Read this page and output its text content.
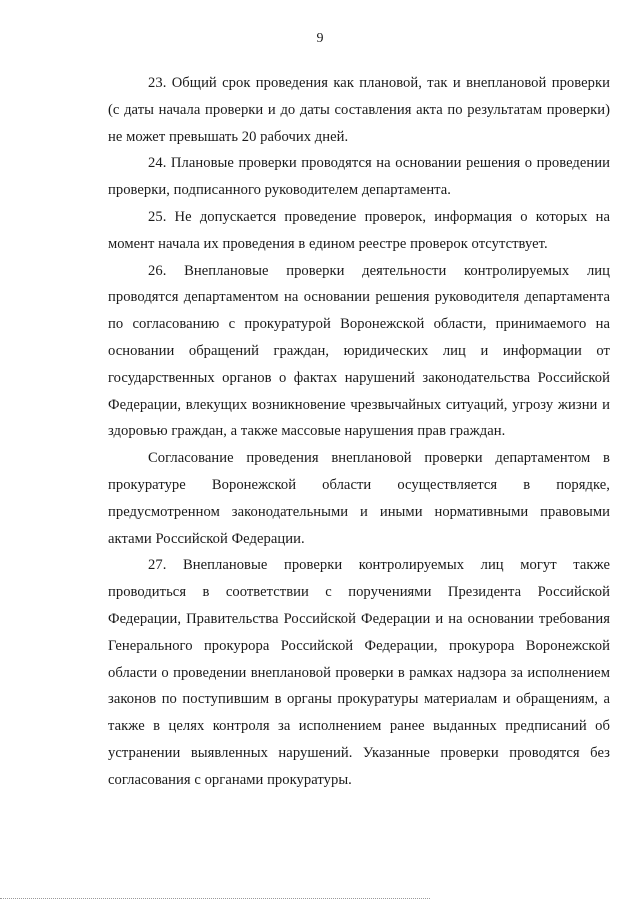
9

23. Общий срок проведения как плановой, так и внеплановой проверки (с даты начала проверки и до даты составления акта по результатам проверки) не может превышать 20 рабочих дней.

24. Плановые проверки проводятся на основании решения о проведении проверки, подписанного руководителем департамента.

25. Не допускается проведение проверок, информация о которых на момент начала их проведения в едином реестре проверок отсутствует.

26. Внеплановые проверки деятельности контролируемых лиц проводятся департаментом на основании решения руководителя департамента по согласованию с прокуратурой Воронежской области, принимаемого на основании обращений граждан, юридических лиц и информации от государственных органов о фактах нарушений законодательства Российской Федерации, влекущих возникновение чрезвычайных ситуаций, угрозу жизни и здоровью граждан, а также массовые нарушения прав граждан.

Согласование проведения внеплановой проверки департаментом в прокуратуре Воронежской области осуществляется в порядке, предусмотренном законодательными и иными нормативными правовыми актами Российской Федерации.

27. Внеплановые проверки контролируемых лиц могут также проводиться в соответствии с поручениями Президента Российской Федерации, Правительства Российской Федерации и на основании требования Генерального прокурора Российской Федерации, прокурора Воронежской области о проведении внеплановой проверки в рамках надзора за исполнением законов по поступившим в органы прокуратуры материалам и обращениям, а также в целях контроля за исполнением ранее выданных предписаний об устранении выявленных нарушений. Указанные проверки проводятся без согласования с органами прокуратуры.
